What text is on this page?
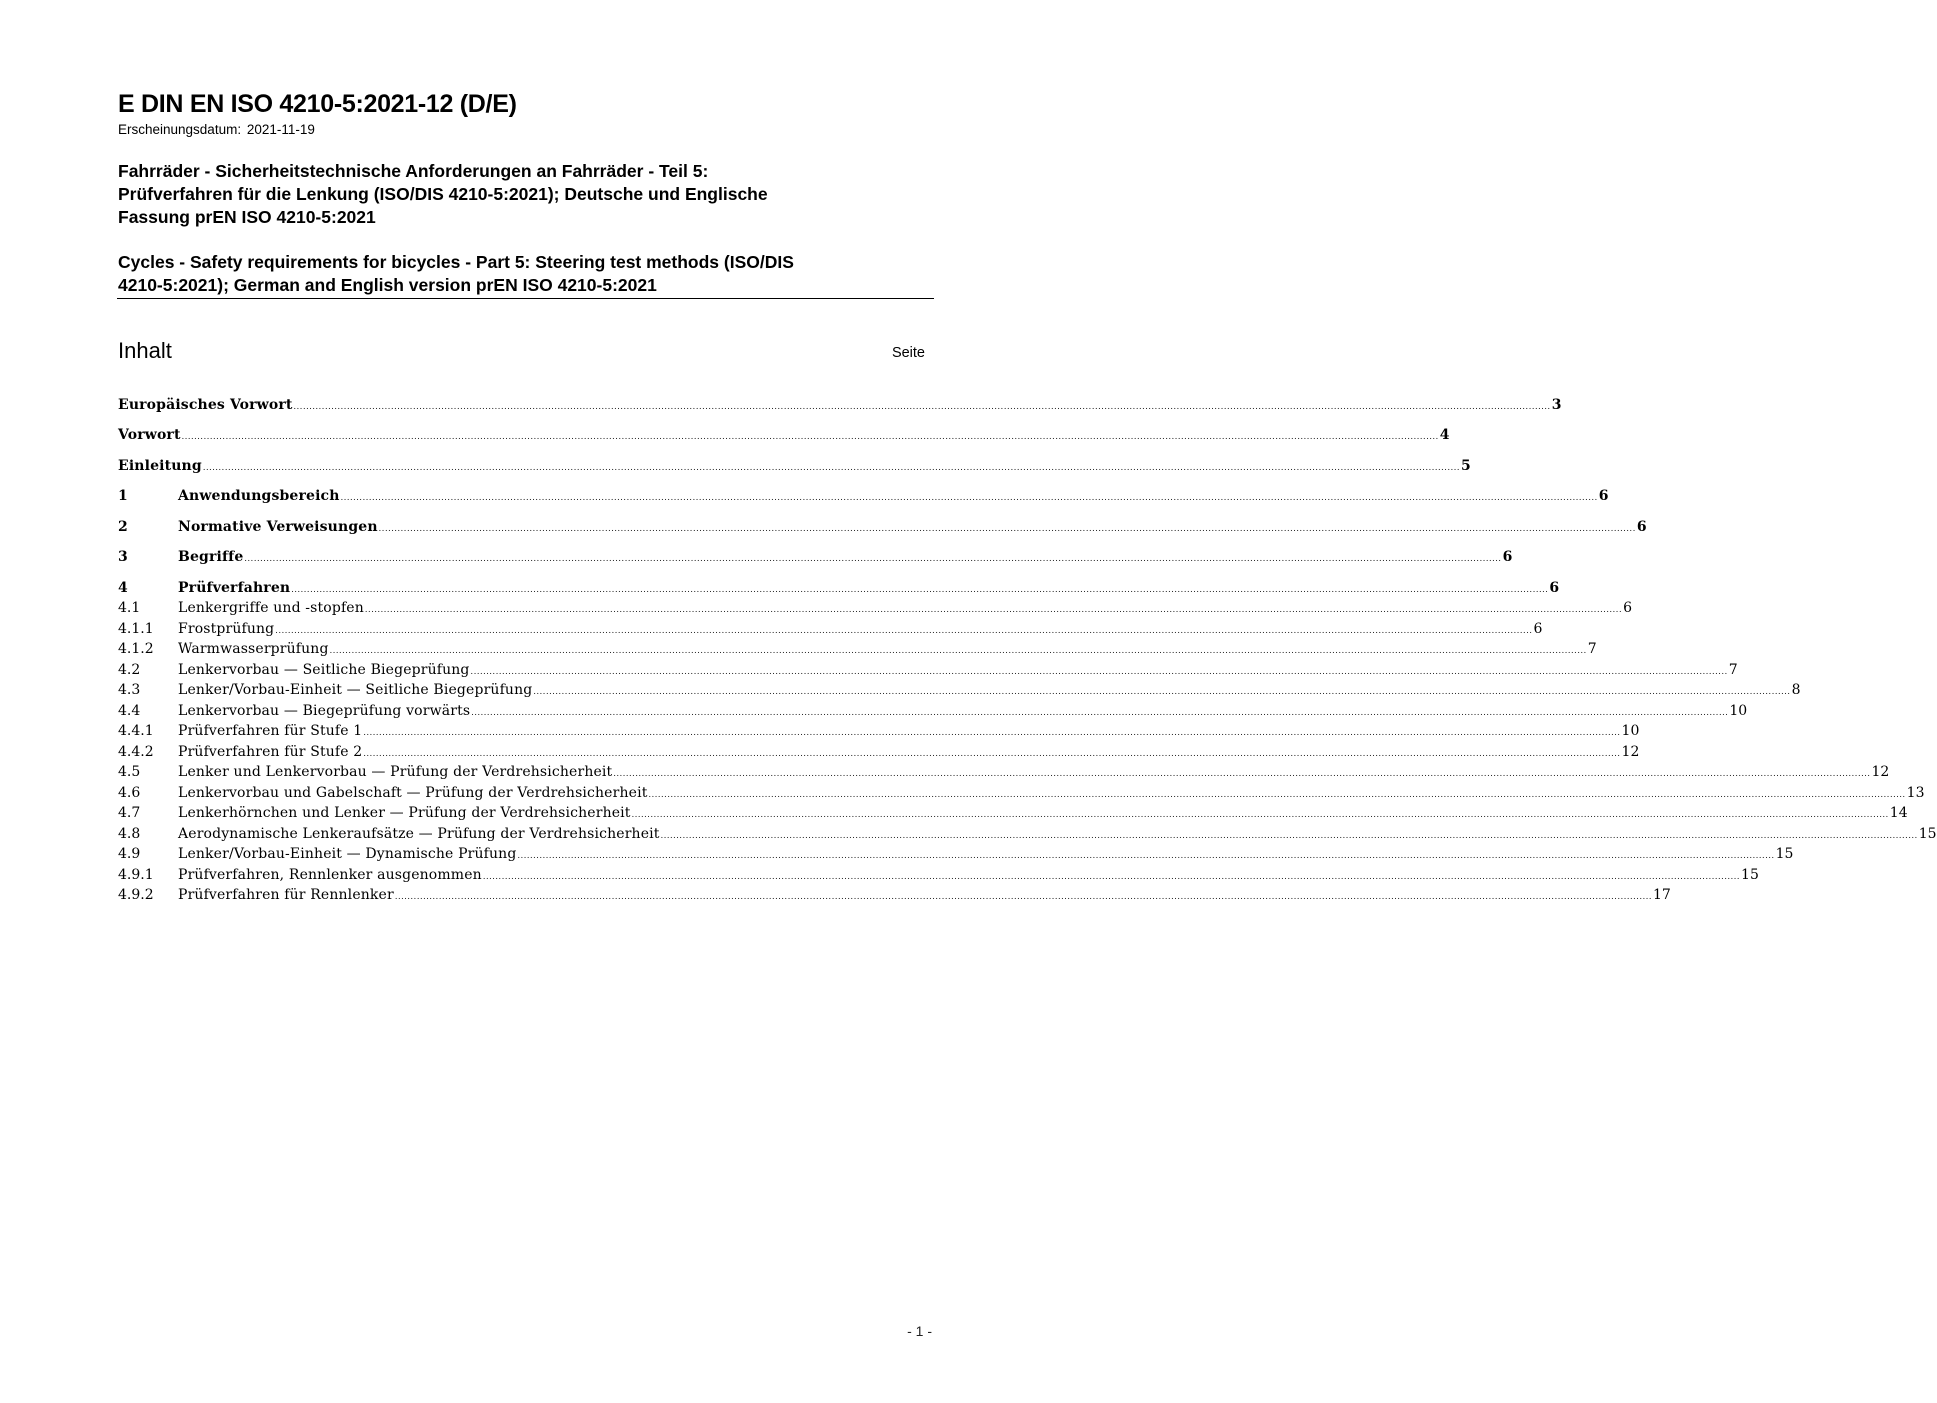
E DIN EN ISO 4210-5:2021-12 (D/E)
Erscheinungsdatum: 2021-11-19
Fahrräder - Sicherheitstechnische Anforderungen an Fahrräder - Teil 5:
Prüfverfahren für die Lenkung (ISO/DIS 4210-5:2021); Deutsche und Englische
Fassung prEN ISO 4210-5:2021
Cycles - Safety requirements for bicycles - Part 5: Steering test methods (ISO/DIS
4210-5:2021); German and English version prEN ISO 4210-5:2021
Inhalt	Seite
Europäisches Vorwort ................................................................................................................................................................................................................................................................................................................................................................................................................ 3
Vorwort ................................................................................................................................................................................................................................................................................................................................................................................................................ 4
Einleitung ................................................................................................................................................................................................................................................................................................................................................................................................................ 5
1	Anwendungsbereich ................................................................................................................................................................................................................................................................................................................................................................................................................ 6
2	Normative Verweisungen ................................................................................................................................................................................................................................................................................................................................................................................................................ 6
3	Begriffe ................................................................................................................................................................................................................................................................................................................................................................................................................ 6
4	Prüfverfahren ................................................................................................................................................................................................................................................................................................................................................................................................................ 6
4.1	Lenkergriffe und -stopfen ................................................................................................................................................................................................................................................................................................................................................................................................................ 6
4.1.1	Frostprüfung ................................................................................................................................................................................................................................................................................................................................................................................................................ 6
4.1.2	Warmwasserprüfung ................................................................................................................................................................................................................................................................................................................................................................................................................ 7
4.2	Lenkervorbau — Seitliche Biegeprüfung ................................................................................................................................................................................................................................................................................................................................................................................................................ 7
4.3	Lenker/Vorbau-Einheit — Seitliche Biegeprüfung ................................................................................................................................................................................................................................................................................................................................................................................................................ 8
4.4	Lenkervorbau — Biegeprüfung vorwärts ................................................................................................................................................................................................................................................................................................................................................................................................................ 10
4.4.1	Prüfverfahren für Stufe 1 ................................................................................................................................................................................................................................................................................................................................................................................................................ 10
4.4.2	Prüfverfahren für Stufe 2 ................................................................................................................................................................................................................................................................................................................................................................................................................ 12
4.5	Lenker und Lenkervorbau — Prüfung der Verdrehsicherheit ................................................................................................................................................................................................................................................................................................................................................................................................................ 12
4.6	Lenkervorbau und Gabelschaft — Prüfung der Verdrehsicherheit ................................................................................................................................................................................................................................................................................................................................................................................................................ 13
4.7	Lenkerhörnchen und Lenker — Prüfung der Verdrehsicherheit ................................................................................................................................................................................................................................................................................................................................................................................................................ 14
4.8	Aerodynamische Lenkeraufsätze — Prüfung der Verdrehsicherheit ................................................................................................................................................................................................................................................................................................................................................................................................................ 15
4.9	Lenker/Vorbau-Einheit — Dynamische Prüfung ................................................................................................................................................................................................................................................................................................................................................................................................................ 15
4.9.1	Prüfverfahren, Rennlenker ausgenommen ................................................................................................................................................................................................................................................................................................................................................................................................................ 15
4.9.2	Prüfverfahren für Rennlenker ................................................................................................................................................................................................................................................................................................................................................................................................................ 17
- 1 -
